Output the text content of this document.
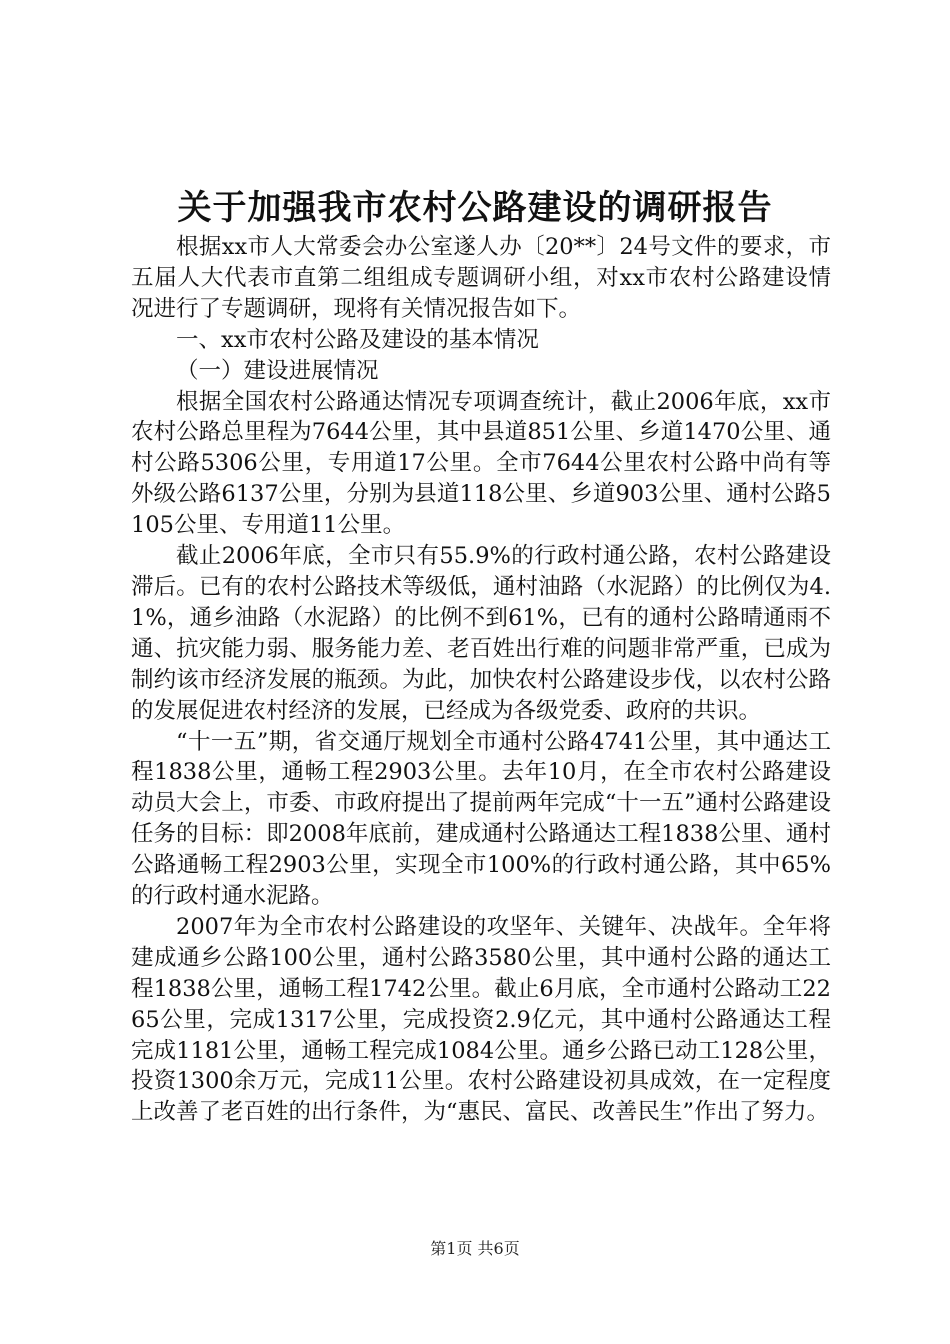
关于加强我市农村公路建设的调研报告

根据xx市人大常委会办公室遂人办〔20**〕24号文件的要求，市五届人大代表市直第二组组成专题调研小组，对xx市农村公路建设情况进行了专题调研，现将有关情况报告如下。

一、xx市农村公路及建设的基本情况

（一）建设进展情况

根据全国农村公路通达情况专项调查统计，截止2006年底，xx市农村公路总里程为7644公里，其中县道851公里、乡道1470公里、通村公路5306公里，专用道17公里。全市7644公里农村公路中尚有等外级公路6137公里，分别为县道118公里、乡道903公里、通村公路5105公里、专用道11公里。

截止2006年底，全市只有55.9%的行政村通公路，农村公路建设滞后。已有的农村公路技术等级低，通村油路（水泥路）的比例仅为4.1%，通乡油路（水泥路）的比例不到61%，已有的通村公路晴通雨不通、抗灾能力弱、服务能力差、老百姓出行难的问题非常严重，已成为制约该市经济发展的瓶颈。为此，加快农村公路建设步伐，以农村公路的发展促进农村经济的发展，已经成为各级党委、政府的共识。

“十一五”期，省交通厅规划全市通村公路4741公里，其中通达工程1838公里，通畅工程2903公里。去年10月，在全市农村公路建设动员大会上，市委、市政府提出了提前两年完成“十一五”通村公路建设任务的目标：即2008年底前，建成通村公路通达工程1838公里、通村公路通畅工程2903公里，实现全市100%的行政村通公路，其中65%的行政村通水泥路。

2007年为全市农村公路建设的攻坚年、关键年、决战年。全年将建成通乡公路100公里，通村公路3580公里，其中通村公路的通达工程1838公里，通畅工程1742公里。截止6月底，全市通村公路动工2265公里，完成1317公里，完成投资2.9亿元，其中通村公路通达工程完成1181公里，通畅工程完成1084公里。通乡公路已动工128公里，投资1300余万元，完成11公里。农村公路建设初具成效，在一定程度上改善了老百姓的出行条件，为“惠民、富民、改善民生”作出了努力。

第1页 共6页
